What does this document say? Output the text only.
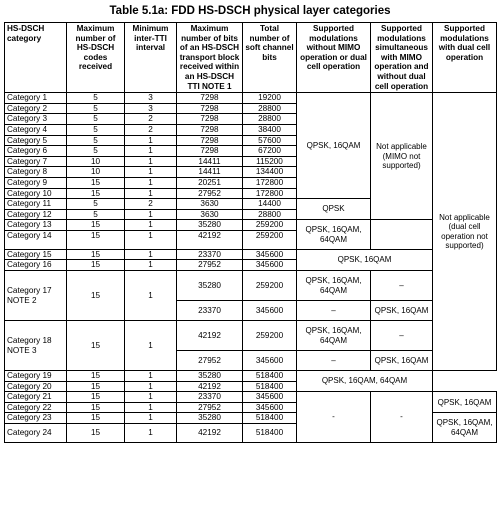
Table 5.1a: FDD HS-DSCH physical layer categories
HS-DSCH category	Maximum number of HS-DSCH codes received	Minimum inter-TTI interval	Maximum number of bits of an HS-DSCH transport block received within an HS-DSCH TTI NOTE 1	Total number of soft channel bits	Supported modulations without MIMO operation or dual cell operation	Supported modulations simultaneous with MIMO operation and without dual cell operation	Supported modulations with dual cell operation
Category 1	5	3	7298	19200	QPSK, 16QAM	Not applicable (MIMO not supported)	Not applicable (dual cell operation not supported)
Category 2	5	3	7298	28800			
Category 3	5	2	7298	28800			
Category 4	5	2	7298	38400			
Category 5	5	1	7298	57600			
Category 6	5	1	7298	67200			
Category 7	10	1	14411	115200			
Category 8	10	1	14411	134400			
Category 9	15	1	20251	172800			
Category 10	15	1	27952	172800			
Category 11	5	2	3630	14400	QPSK		
Category 12	5	1	3630	28800			
Category 13	15	1	35280	259200	QPSK, 16QAM, 64QAM		
Category 14	15	1	42192	259200			
Category 15	15	1	23370	345600	QPSK, 16QAM		
Category 16	15	1	27952	345600			
Category 17 NOTE 2	15	1	35280	259200	QPSK, 16QAM, 64QAM	–	
			23370	345600	–	QPSK, 16QAM	
Category 18 NOTE 3	15	1	42192	259200	QPSK, 16QAM, 64QAM	–	
			27952	345600	–	QPSK, 16QAM	
Category 19	15	1	35280	518400	QPSK, 16QAM, 64QAM		
Category 20	15	1	42192	518400			
Category 21	15	1	23370	345600	-	-	QPSK, 16QAM
Category 22	15	1	27952	345600			
Category 23	15	1	35280	518400			QPSK, 16QAM, 64QAM
Category 24	15	1	42192	518400			
